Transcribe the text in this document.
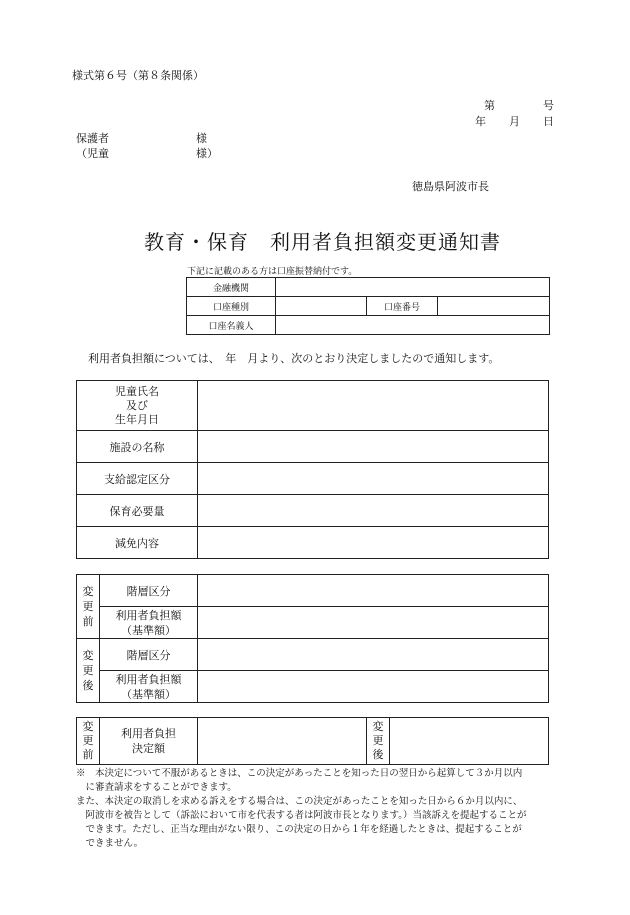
様式第６号（第８条関係）
第	号
年 月 日
保護者	様
（児童	様）
徳島県阿波市長
教育・保育　利用者負担額変更通知書
下記に記載のある方は口座振替納付です。
金融機関			
口座種別		口座番号	
口座名義人			
利用者負担額については、　年　月より、次のとおり決定しましたので通知します。
児童氏名
及び
生年月日	

施設の名称	
支給認定区分	
保育必要量	
減免内容	
変
更
前	階層区分	

	利用者負担額
（基準額）	

変
更
後	階層区分	

	利用者負担額
（基準額）	

変
更
前

利用者負担
決定額

変
更
後

※　本決定について不服があるときは、この決定があったことを知った日の翌日から起算して３か月以内

　に審査請求をすることができます。

また、本決定の取消しを求める訴えをする場合は、この決定があったことを知った日から６か月以内に、

　阿波市を被告として（訴訟において市を代表する者は阿波市長となります。）当該訴えを提起することが

　できます。ただし、正当な理由がない限り、この決定の日から１年を経過したときは、提起することが

　できません。
